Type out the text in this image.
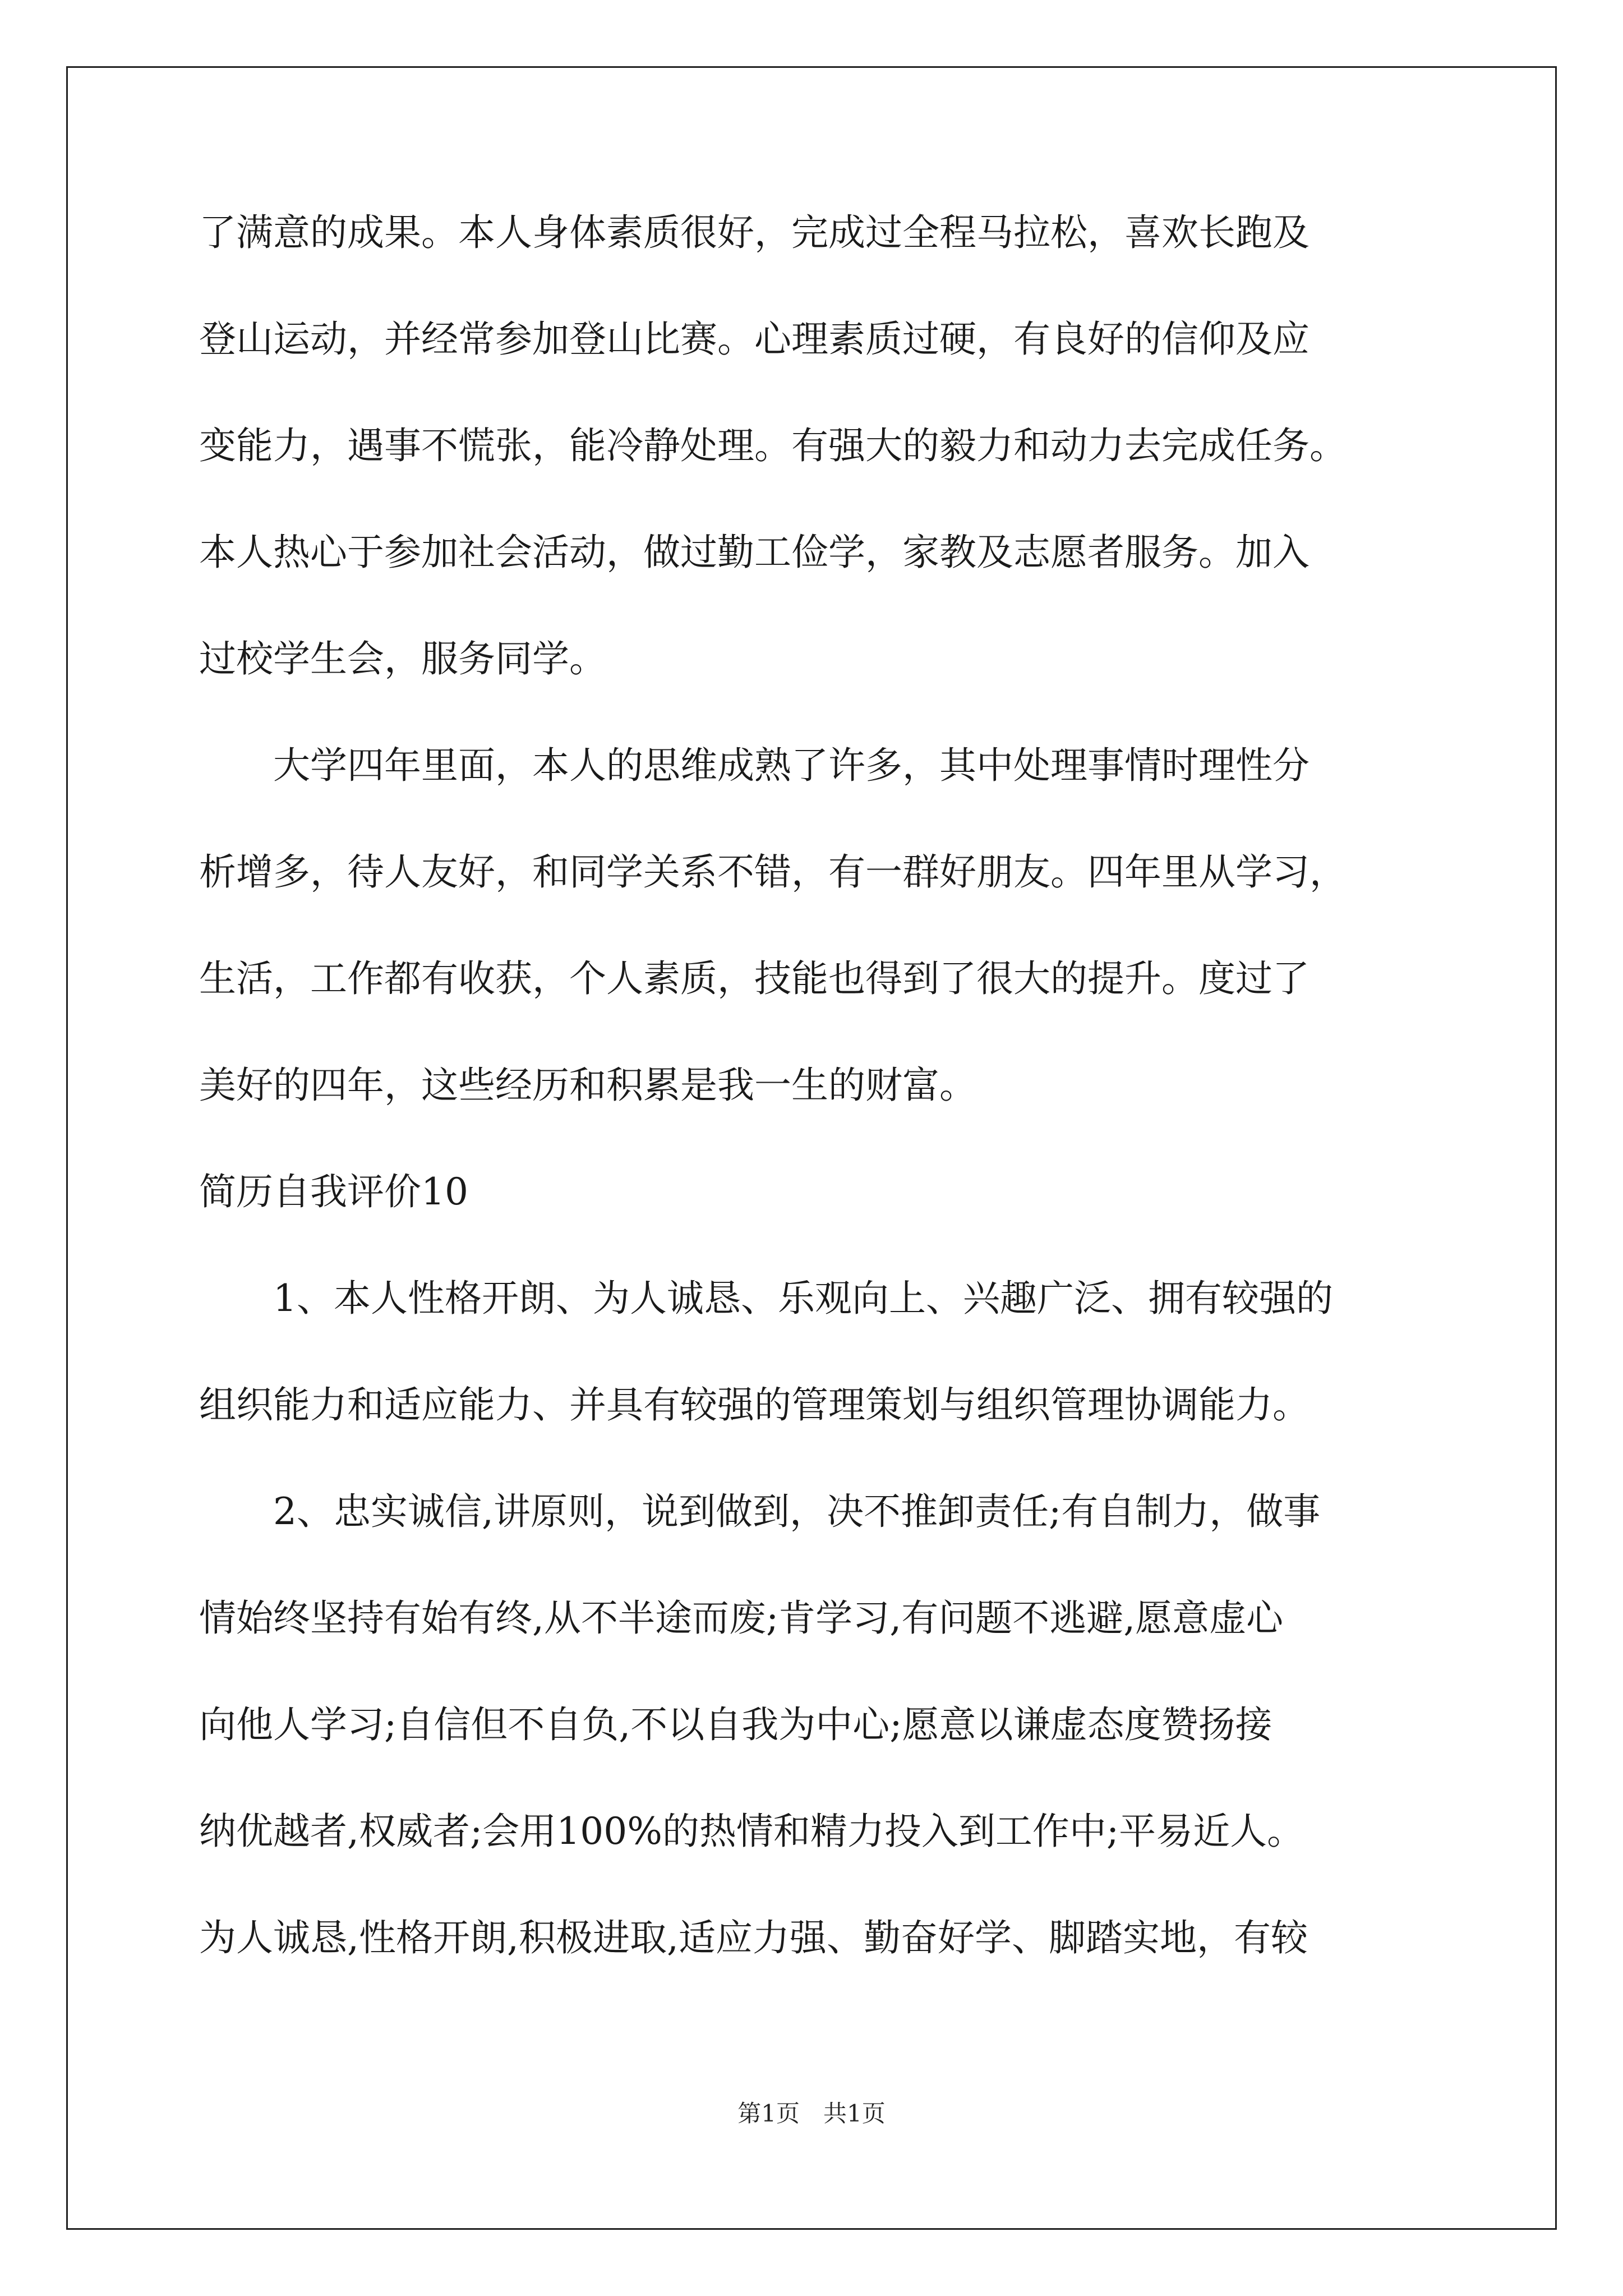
了满意的成果。本人身体素质很好，完成过全程马拉松，喜欢长跑及
登山运动，并经常参加登山比赛。心理素质过硬，有良好的信仰及应
变能力，遇事不慌张，能冷静处理。有强大的毅力和动力去完成任务。
本人热心于参加社会活动，做过勤工俭学，家教及志愿者服务。加入
过校学生会，服务同学。
　　大学四年里面，本人的思维成熟了许多，其中处理事情时理性分
析增多，待人友好，和同学关系不错，有一群好朋友。四年里从学习，
生活，工作都有收获，个人素质，技能也得到了很大的提升。度过了
美好的四年，这些经历和积累是我一生的财富。
简历自我评价10
　　1、本人性格开朗、为人诚恳、乐观向上、兴趣广泛、拥有较强的
组织能力和适应能力、并具有较强的管理策划与组织管理协调能力。
　　2、忠实诚信,讲原则，说到做到，决不推卸责任;有自制力，做事
情始终坚持有始有终,从不半途而废;肯学习,有问题不逃避,愿意虚心
向他人学习;自信但不自负,不以自我为中心;愿意以谦虚态度赞扬接
纳优越者,权威者;会用100%的热情和精力投入到工作中;平易近人。
为人诚恳,性格开朗,积极进取,适应力强、勤奋好学、脚踏实地，有较
第1页　共1页
